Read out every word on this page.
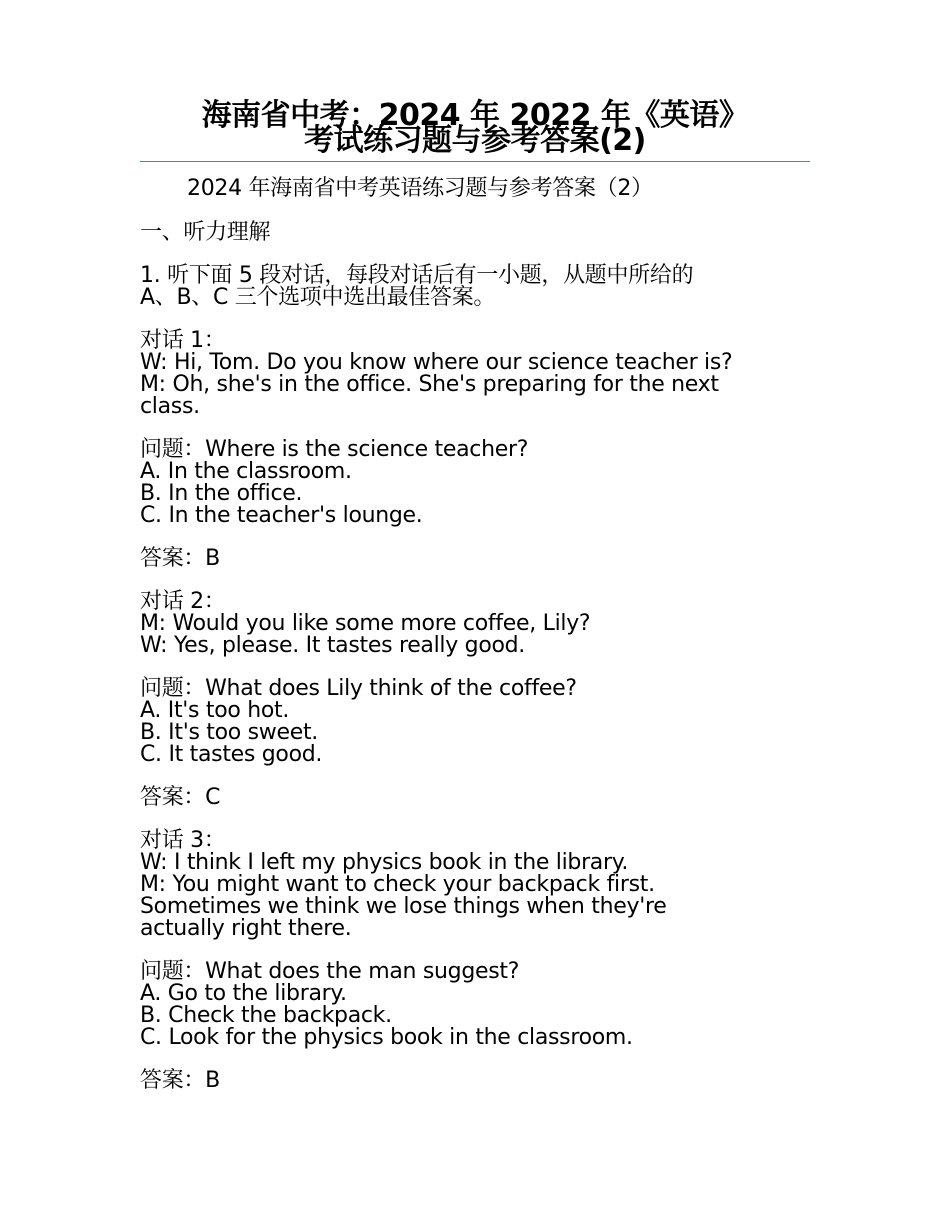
海南省中考：2024 年 2022 年《英语》
考试练习题与参考答案(2)
2024 年海南省中考英语练习题与参考答案（2）
一、听力理解
1. 听下面 5 段对话，每段对话后有一小题，从题中所给的
A、B、C 三个选项中选出最佳答案。
对话 1：
W: Hi, Tom. Do you know where our science teacher is?
M: Oh, she's in the office. She's preparing for the next
class.
问题：Where is the science teacher?
A. In the classroom.
B. In the office.
C. In the teacher's lounge.
答案：B
对话 2：
M: Would you like some more coffee, Lily?
W: Yes, please. It tastes really good.
问题：What does Lily think of the coffee?
A. It's too hot.
B. It's too sweet.
C. It tastes good.
答案：C
对话 3：
W: I think I left my physics book in the library.
M: You might want to check your backpack first.
Sometimes we think we lose things when they're
actually right there.
问题：What does the man suggest?
A. Go to the library.
B. Check the backpack.
C. Look for the physics book in the classroom.
答案：B
